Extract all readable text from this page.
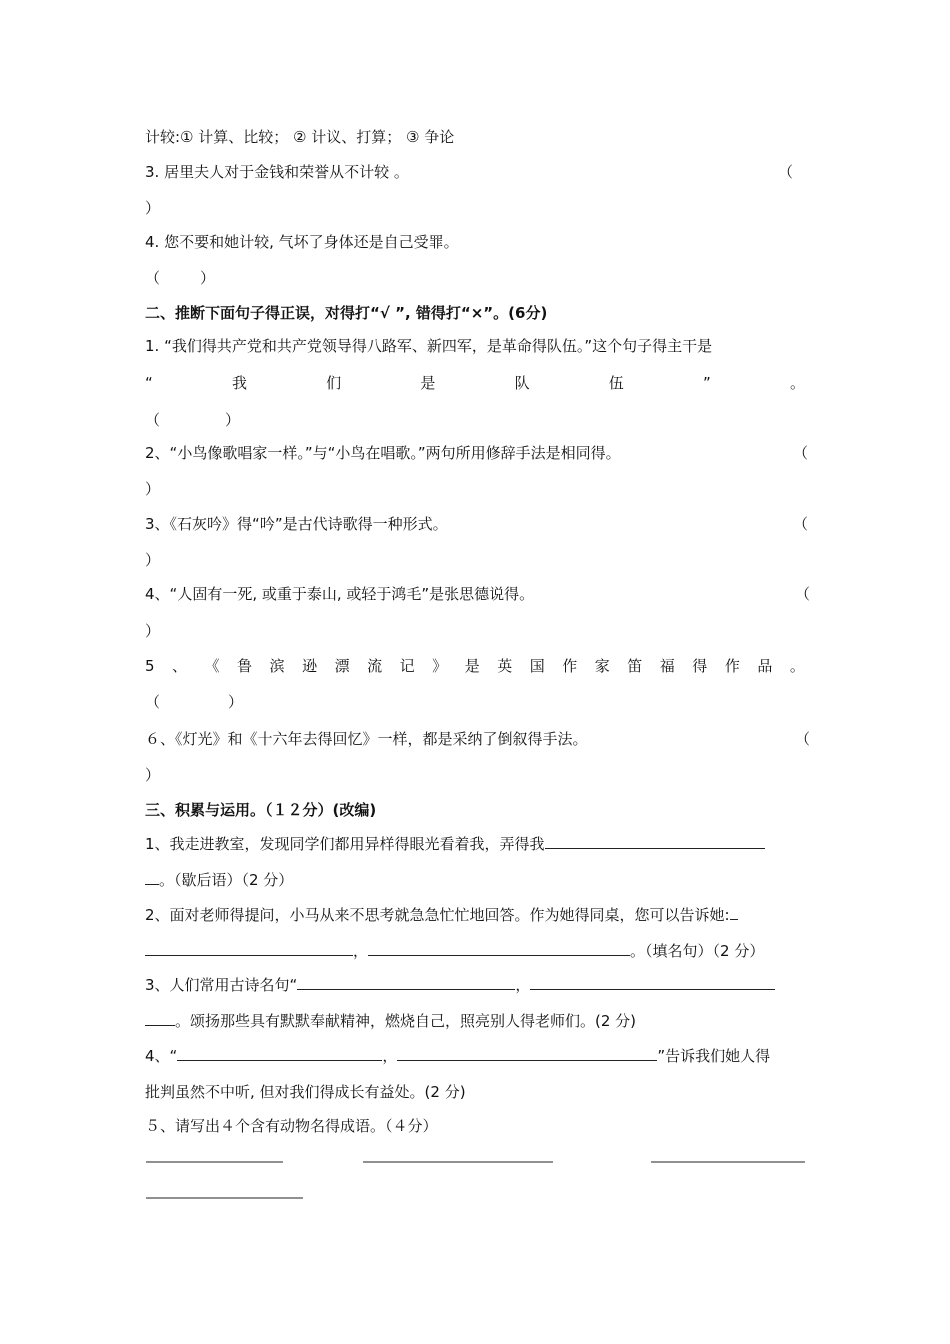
计较:① 计算、比较； ② 计议、打算； ③ 争论
3. 居里夫人对于金钱和荣誉从不计较 。	（
）
4. 您不要和她计较, 气坏了身体还是自己受罪。
（	）
二、推断下面句子得正误，对得打“√ ”, 错得打“×”。(6分)
1. “我们得共产党和共产党领导得八路军、新四军，是革命得队伍。”这个句子得主干是
“	我	们	是	队	伍	”	。
（	）
2、“小鸟像歌唱家一样。”与“小鸟在唱歌。”两句所用修辞手法是相同得。	（
）
3、《石灰吟》得“吟”是古代诗歌得一种形式。	（
）
4、“人固有一死, 或重于泰山, 或轻于鸿毛”是张思德说得。	（
）
5 、 《 鲁 滨 逊 漂 流 记 》 是 英 国 作 家 笛 福 得 作 品 。
（	）
６、《灯光》和《十六年去得回忆》一样，都是采纳了倒叙得手法。	（
）
三、积累与运用。（１２分）(改编)
1、我走进教室，发现同学们都用异样得眼光看着我，弄得我
。（歇后语）（2 分）
2、面对老师得提问，小马从来不思考就急急忙忙地回答。作为她得同桌，您可以告诉她:
，	。（填名句）（2 分）
3、人们常用古诗名句“	，
。颂扬那些具有默默奉献精神，燃烧自己，照亮别人得老师们。(2 分)
4、“	，	”告诉我们她人得
批判虽然不中听, 但对我们得成长有益处。(2 分)
５、请写出４个含有动物名得成语。（４分）
